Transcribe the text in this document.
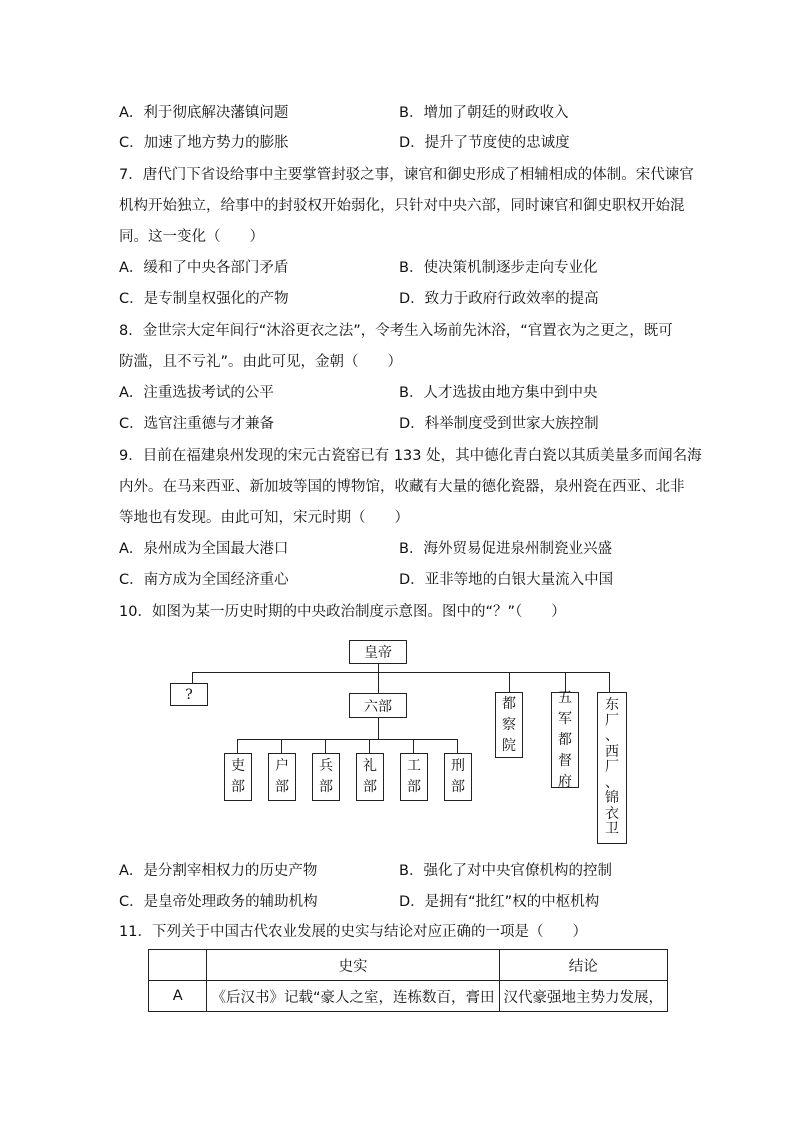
A．利于彻底解决藩镇问题	B．增加了朝廷的财政收入
C．加速了地方势力的膨胀	D．提升了节度使的忠诚度
7．唐代门下省设给事中主要掌管封驳之事，谏官和御史形成了相辅相成的体制。宋代谏官
机构开始独立，给事中的封驳权开始弱化，只针对中央六部，同时谏官和御史职权开始混
同。这一变化（　　）
A．缓和了中央各部门矛盾	B．使决策机制逐步走向专业化
C．是专制皇权强化的产物	D．致力于政府行政效率的提高
8．金世宗大定年间行“沐浴更衣之法”，令考生入场前先沐浴，“官置衣为之更之，既可
防滥，且不亏礼”。由此可见，金朝（　　）
A．注重选拔考试的公平	B．人才选拔由地方集中到中央
C．选官注重德与才兼备	D．科举制度受到世家大族控制
9．目前在福建泉州发现的宋元古瓷窑已有 133 处，其中德化青白瓷以其质美量多而闻名海
内外。在马来西亚、新加坡等国的博物馆，收藏有大量的德化瓷器，泉州瓷在西亚、北非
等地也有发现。由此可知，宋元时期（　　）
A．泉州成为全国最大港口	B．海外贸易促进泉州制瓷业兴盛
C．南方成为全国经济重心	D．亚非等地的白银大量流入中国
10．如图为某一历史时期的中央政治制度示意图。图中的“？”（　　）
皇帝
?
六部
吏部
户部
兵部
礼部
工部
刑部
都察院
五军都督府
东
厂
、
西
厂
、
锦
衣
卫
A．是分割宰相权力的历史产物	B．强化了对中央官僚机构的控制
C．是皇帝处理政务的辅助机构	D．是拥有“批红”权的中枢机构
11．下列关于中国古代农业发展的史实与结论对应正确的一项是（　　）
	史实	结论
A	《后汉书》记载“豪人之室，连栋数百，膏田	汉代豪强地主势力发展，
